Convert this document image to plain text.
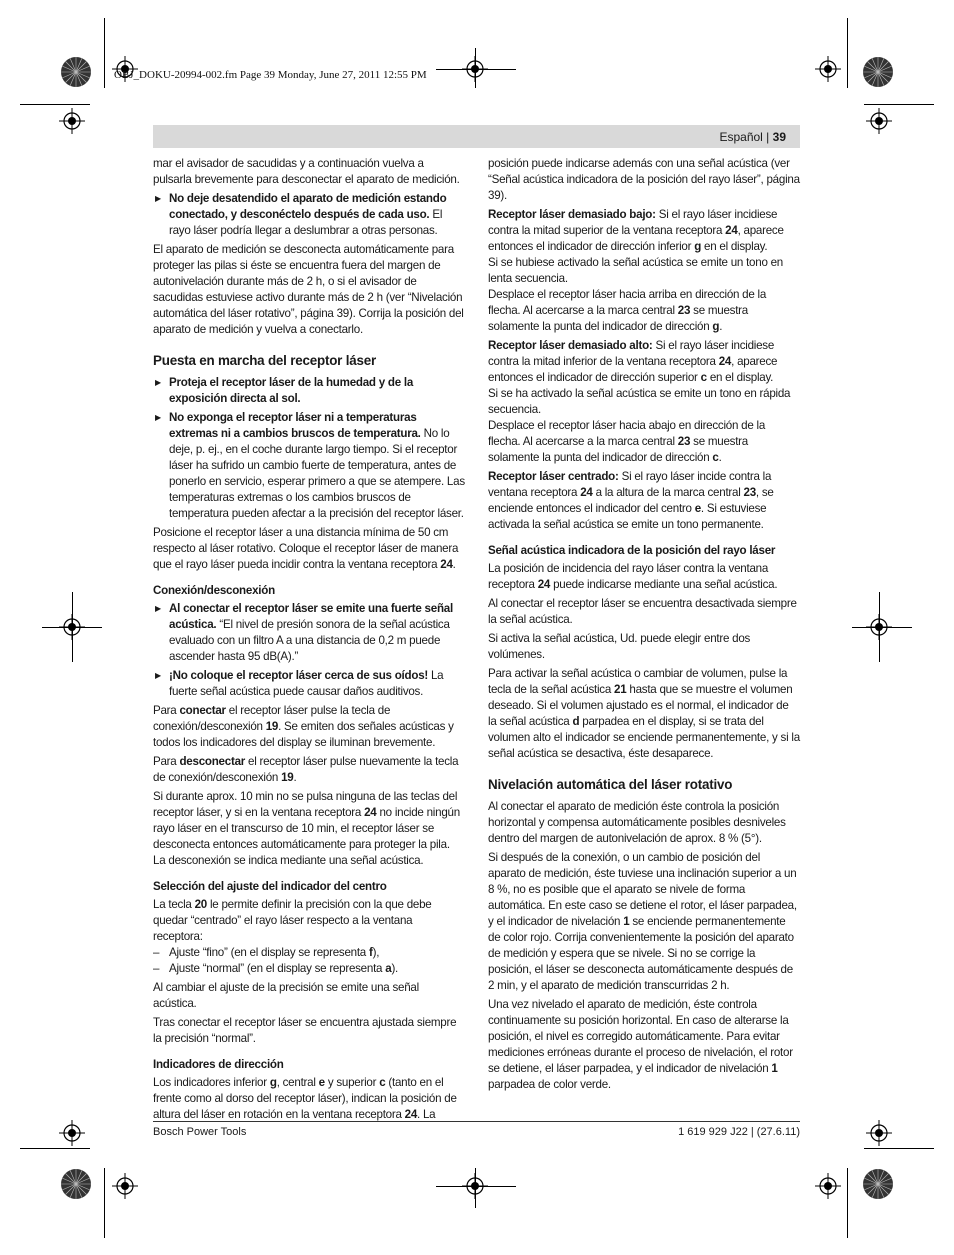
OBJ_DOKU-20994-002.fm Page 39 Monday, June 27, 2011 12:55 PM
Español | 39

mar el avisador de sacudidas y a continuación vuelva a pulsarla brevemente para desconectar el aparato de medición.

▶ No deje desatendido el aparato de medición estando conectado, y desconéctelo después de cada uso. El rayo láser podría llegar a deslumbrar a otras personas.

El aparato de medición se desconecta automáticamente para proteger las pilas si éste se encuentra fuera del margen de autonivelación durante más de 2 h, o si el avisador de sacudidas estuviese activo durante más de 2 h (ver “Nivelación automática del láser rotativo”, página 39). Corrija la posición del aparato de medición y vuelva a conectarlo.

Puesta en marcha del receptor láser

▶ Proteja el receptor láser de la humedad y de la exposición directa al sol.

▶ No exponga el receptor láser ni a temperaturas extremas ni a cambios bruscos de temperatura. No lo deje, p. ej., en el coche durante largo tiempo. Si el receptor láser ha sufrido un cambio fuerte de temperatura, antes de ponerlo en servicio, esperar primero a que se atempere. Las temperaturas extremas o los cambios bruscos de temperatura pueden afectar a la precisión del receptor láser.

Posicione el receptor láser a una distancia mínima de 50 cm respecto al láser rotativo. Coloque el receptor láser de manera que el rayo láser pueda incidir contra la ventana receptora 24.

Conexión/desconexión

▶ Al conectar el receptor láser se emite una fuerte señal acústica. “El nivel de presión sonora de la señal acústica evaluado con un filtro A a una distancia de 0,2 m puede ascender hasta 95 dB(A).”

▶ ¡No coloque el receptor láser cerca de sus oídos! La fuerte señal acústica puede causar daños auditivos.

Para conectar el receptor láser pulse la tecla de conexión/desconexión 19. Se emiten dos señales acústicas y todos los indicadores del display se iluminan brevemente.

Para desconectar el receptor láser pulse nuevamente la tecla de conexión/desconexión 19.

Si durante aprox. 10 min no se pulsa ninguna de las teclas del receptor láser, y si en la ventana receptora 24 no incide ningún rayo láser en el transcurso de 10 min, el receptor láser se desconecta entonces automáticamente para proteger la pila. La desconexión se indica mediante una señal acústica.

Selección del ajuste del indicador del centro

La tecla 20 le permite definir la precisión con la que debe quedar “centrado” el rayo láser respecto a la ventana receptora:

– Ajuste “fino” (en el display se representa f),

– Ajuste “normal” (en el display se representa a).

Al cambiar el ajuste de la precisión se emite una señal acústica.

Tras conectar el receptor láser se encuentra ajustada siempre la precisión “normal”.

Indicadores de dirección

Los indicadores inferior g, central e y superior c (tanto en el frente como al dorso del receptor láser), indican la posición de altura del láser en rotación en la ventana receptora 24. La

posición puede indicarse además con una señal acústica (ver “Señal acústica indicadora de la posición del rayo láser”, página 39).

Receptor láser demasiado bajo: Si el rayo láser incidiese contra la mitad superior de la ventana receptora 24, aparece entonces el indicador de dirección inferior g en el display.

Si se hubiese activado la señal acústica se emite un tono en lenta secuencia.

Desplace el receptor láser hacia arriba en dirección de la flecha. Al acercarse a la marca central 23 se muestra solamente la punta del indicador de dirección g.

Receptor láser demasiado alto: Si el rayo láser incidiese contra la mitad inferior de la ventana receptora 24, aparece entonces el indicador de dirección superior c en el display.

Si se ha activado la señal acústica se emite un tono en rápida secuencia.

Desplace el receptor láser hacia abajo en dirección de la flecha. Al acercarse a la marca central 23 se muestra solamente la punta del indicador de dirección c.

Receptor láser centrado: Si el rayo láser incide contra la ventana receptora 24 a la altura de la marca central 23, se enciende entonces el indicador del centro e. Si estuviese activada la señal acústica se emite un tono permanente.

Señal acústica indicadora de la posición del rayo láser

La posición de incidencia del rayo láser contra la ventana receptora 24 puede indicarse mediante una señal acústica.

Al conectar el receptor láser se encuentra desactivada siempre la señal acústica.

Si activa la señal acústica, Ud. puede elegir entre dos volúmenes.

Para activar la señal acústica o cambiar de volumen, pulse la tecla de la señal acústica 21 hasta que se muestre el volumen deseado. Si el volumen ajustado es el normal, el indicador de la señal acústica d parpadea en el display, si se trata del volumen alto el indicador se enciende permanentemente, y si la señal acústica se desactiva, éste desaparece.

Nivelación automática del láser rotativo

Al conectar el aparato de medición éste controla la posición horizontal y compensa automáticamente posibles desniveles dentro del margen de autonivelación de aprox. 8 % (5°).

Si después de la conexión, o un cambio de posición del aparato de medición, éste tuviese una inclinación superior a un 8 %, no es posible que el aparato se nivele de forma automática. En este caso se detiene el rotor, el láser parpadea, y el indicador de nivelación 1 se enciende permanentemente de color rojo. Corrija convenientemente la posición del aparato de medición y espera que se nivele. Si no se corrige la posición, el láser se desconecta automáticamente después de 2 min, y el aparato de medición transcurridas 2 h.

Una vez nivelado el aparato de medición, éste controla continuamente su posición horizontal. En caso de alterarse la posición, el nivel es corregido automáticamente. Para evitar mediciones erróneas durante el proceso de nivelación, el rotor se detiene, el láser parpadea, y el indicador de nivelación 1 parpadea de color verde.

Bosch Power Tools	1 619 929 J22 | (27.6.11)
